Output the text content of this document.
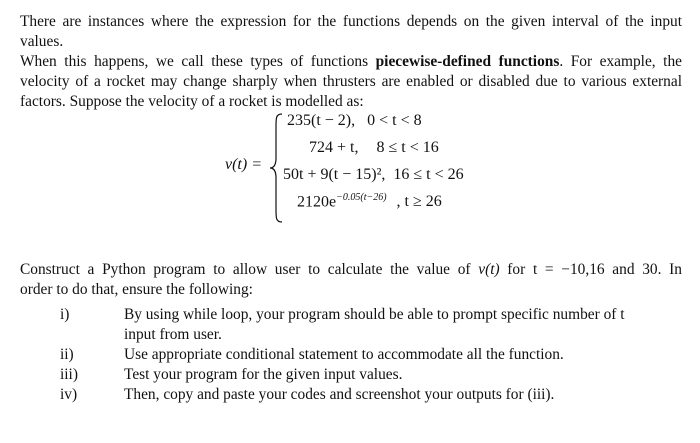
There are instances where the expression for the functions depends on the given interval of the input values.
When this happens, we call these types of functions piecewise-defined functions. For example, the
velocity of a rocket may change sharply when thrusters are enabled or disabled due to various external
factors. Suppose the velocity of a rocket is modelled as:
v(t) =
235(t − 2), 0 < t < 8
724 + t, 8 ≤ t < 16
50t + 9(t − 15)², 16 ≤ t < 26
$2120e^{-0.05(t-26)}$ , t ≥ 26
Construct a Python program to allow user to calculate the value of v(t) for t = −10,16 and 30. In
order to do that, ensure the following:
i)	By using while loop, your program should be able to prompt specific number of t
input from user.
ii)	Use appropriate conditional statement to accommodate all the function.
iii)	Test your program for the given input values.
iv)	Then, copy and paste your codes and screenshot your outputs for (iii).
